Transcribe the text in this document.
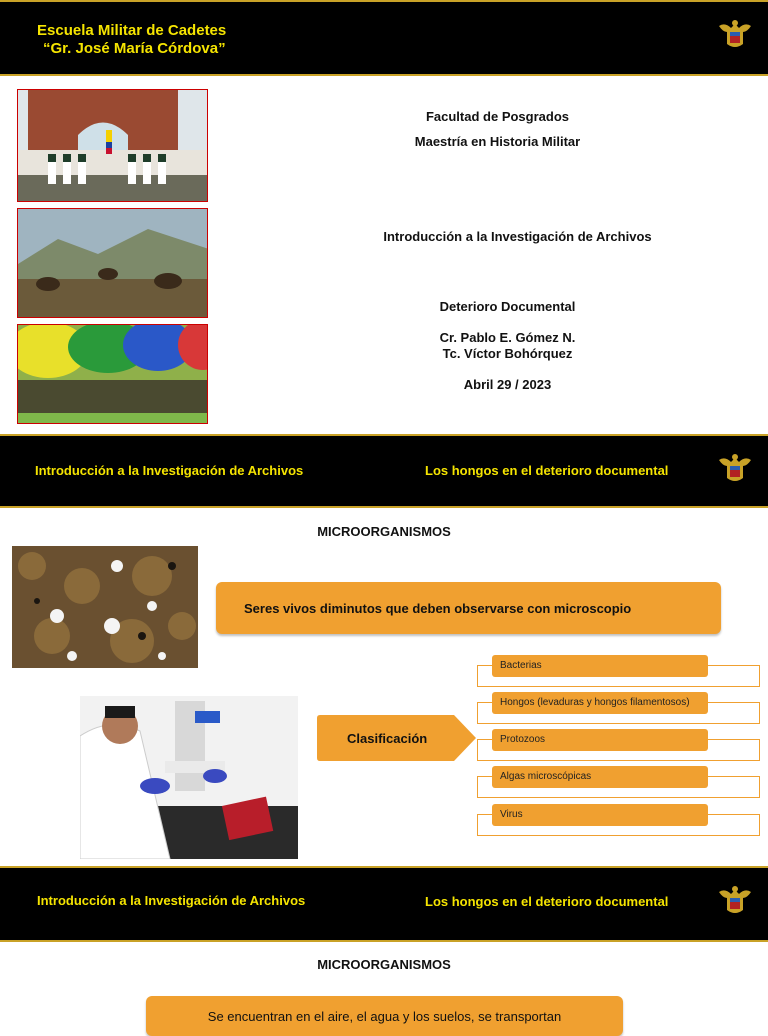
Escuela Militar de Cadetes
“Gr. José María Córdova”
Facultad de Posgrados
Maestría en Historia Militar
Introducción a la Investigación de Archivos
Deterioro Documental
Cr. Pablo E. Gómez N.
Tc. Víctor Bohórquez
Abril 29 / 2023
Introducción a la Investigación de Archivos	Los hongos en el deterioro documental
MICROORGANISMOS
Seres vivos diminutos que deben observarse con microscopio
Clasificación
Bacterias
Hongos (levaduras y hongos filamentosos)
Protozoos
Algas microscópicas
Virus
Introducción a la Investigación de Archivos	Los hongos en el deterioro documental
MICROORGANISMOS
Se encuentran en el aire, el agua y los suelos, se transportan
